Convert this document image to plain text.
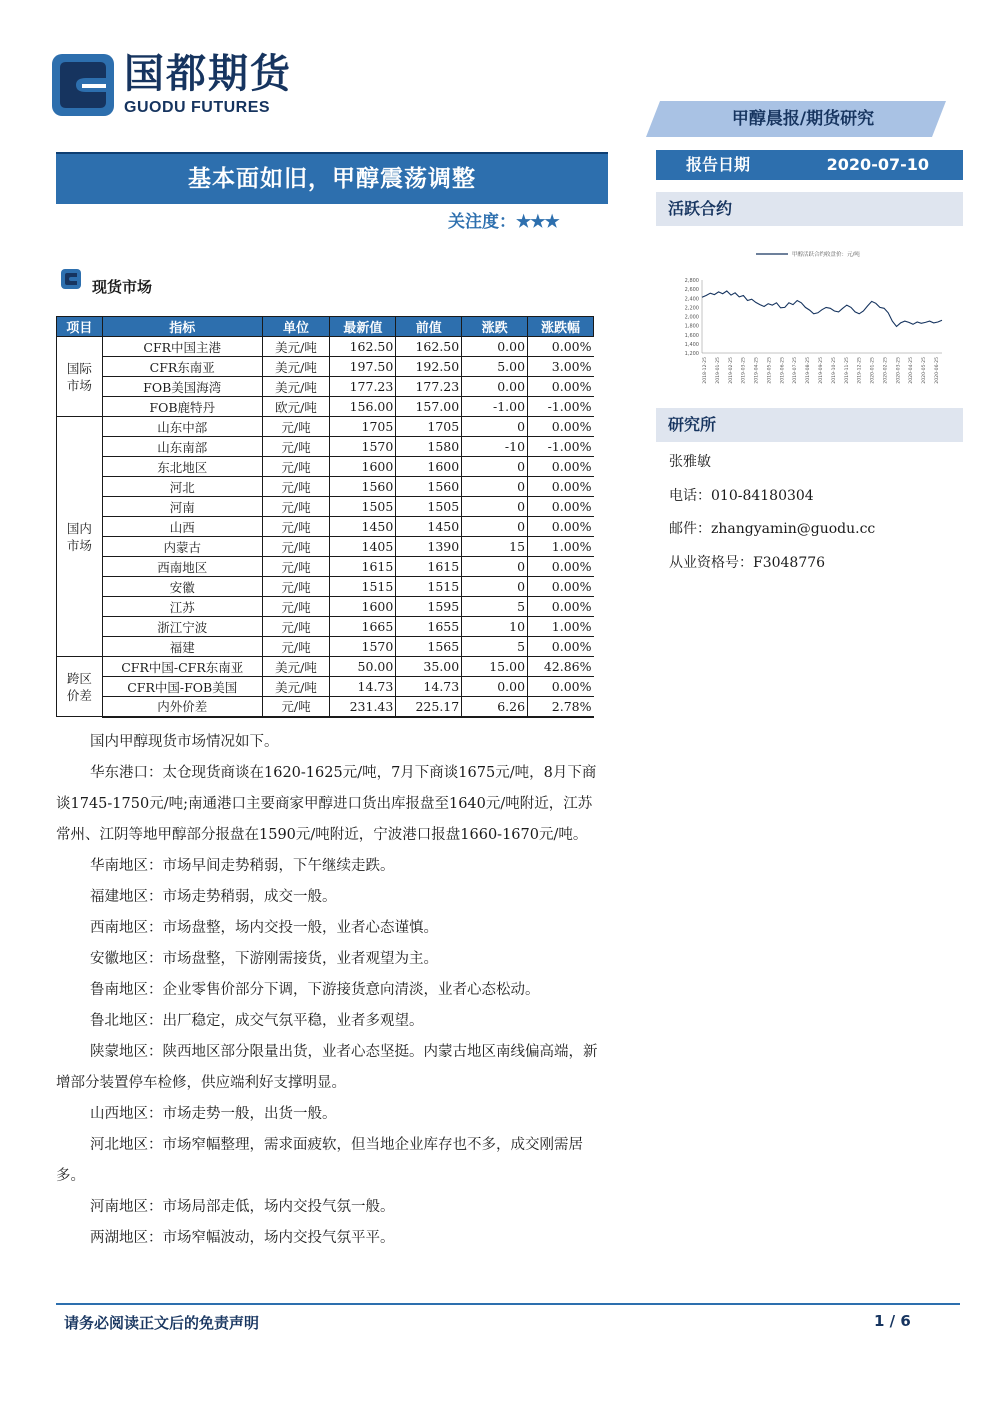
国都期货
GUODU FUTURES
甲醇晨报/期货研究
基本面如旧，甲醇震荡调整
关注度：★★★
现货市场
项目	指标	单位	最新值	前值	涨跌	涨跌幅
国际市场	CFR中国主港	美元/吨	162.50	162.50	0.00	0.00%
	CFR东南亚	美元/吨	197.50	192.50	5.00	3.00%
	FOB美国海湾	美元/吨	177.23	177.23	0.00	0.00%
	FOB鹿特丹	欧元/吨	156.00	157.00	-1.00	-1.00%
国内市场	山东中部	元/吨	1705	1705	0	0.00%
	山东南部	元/吨	1570	1580	-10	-1.00%
	东北地区	元/吨	1600	1600	0	0.00%
	河北	元/吨	1560	1560	0	0.00%
	河南	元/吨	1505	1505	0	0.00%
	山西	元/吨	1450	1450	0	0.00%
	内蒙古	元/吨	1405	1390	15	1.00%
	西南地区	元/吨	1615	1615	0	0.00%
	安徽	元/吨	1515	1515	0	0.00%
	江苏	元/吨	1600	1595	5	0.00%
	浙江宁波	元/吨	1665	1655	10	1.00%
	福建	元/吨	1570	1565	5	0.00%
跨区价差	CFR中国-CFR东南亚	美元/吨	50.00	35.00	15.00	42.86%
	CFR中国-FOB美国	美元/吨	14.73	14.73	0.00	0.00%
	内外价差	元/吨	231.43	225.17	6.26	2.78%

国内甲醇现货市场情况如下。

华东港口：太仓现货商谈在1620-1625元/吨，7月下商谈1675元/吨，8月下商谈1745-1750元/吨;南通港口主要商家甲醇进口货出库报盘至1640元/吨附近，江苏常州、江阴等地甲醇部分报盘在1590元/吨附近，宁波港口报盘1660-1670元/吨。

华南地区：市场早间走势稍弱，下午继续走跌。

福建地区：市场走势稍弱，成交一般。

西南地区：市场盘整，场内交投一般，业者心态谨慎。

安徽地区：市场盘整，下游刚需接货，业者观望为主。

鲁南地区：企业零售价部分下调，下游接货意向清淡，业者心态松动。

鲁北地区：出厂稳定，成交气氛平稳，业者多观望。

陕蒙地区：陕西地区部分限量出货，业者心态坚挺。内蒙古地区南线偏高端，新增部分装置停车检修，供应端利好支撑明显。

山西地区：市场走势一般，出货一般。

河北地区：市场窄幅整理，需求面疲软，但当地企业库存也不多，成交刚需居多。

河南地区：市场局部走低，场内交投气氛一般。

两湖地区：市场窄幅波动，场内交投气氛平平。

报告日期	2020-07-10
活跃合约
甲醇活跃合约收盘价：元/吨
2,800
2,600
2,400
2,200
2,000
1,800
1,600
1,400
1,200
2018-12-25 2019-01-25 2019-02-25 2019-03-25 2019-04-25 2019-05-25 2019-06-25 2019-07-25 2019-08-25 2019-09-25 2019-10-25 2019-11-25 2019-12-25 2020-01-25 2020-02-25 2020-03-25 2020-04-25 2020-05-25 2020-06-25
研究所
张雅敏
电话：010-84180304
邮件：zhangyamin@guodu.cc
从业资格号：F3048776
请务必阅读正文后的免责声明	1 / 6
